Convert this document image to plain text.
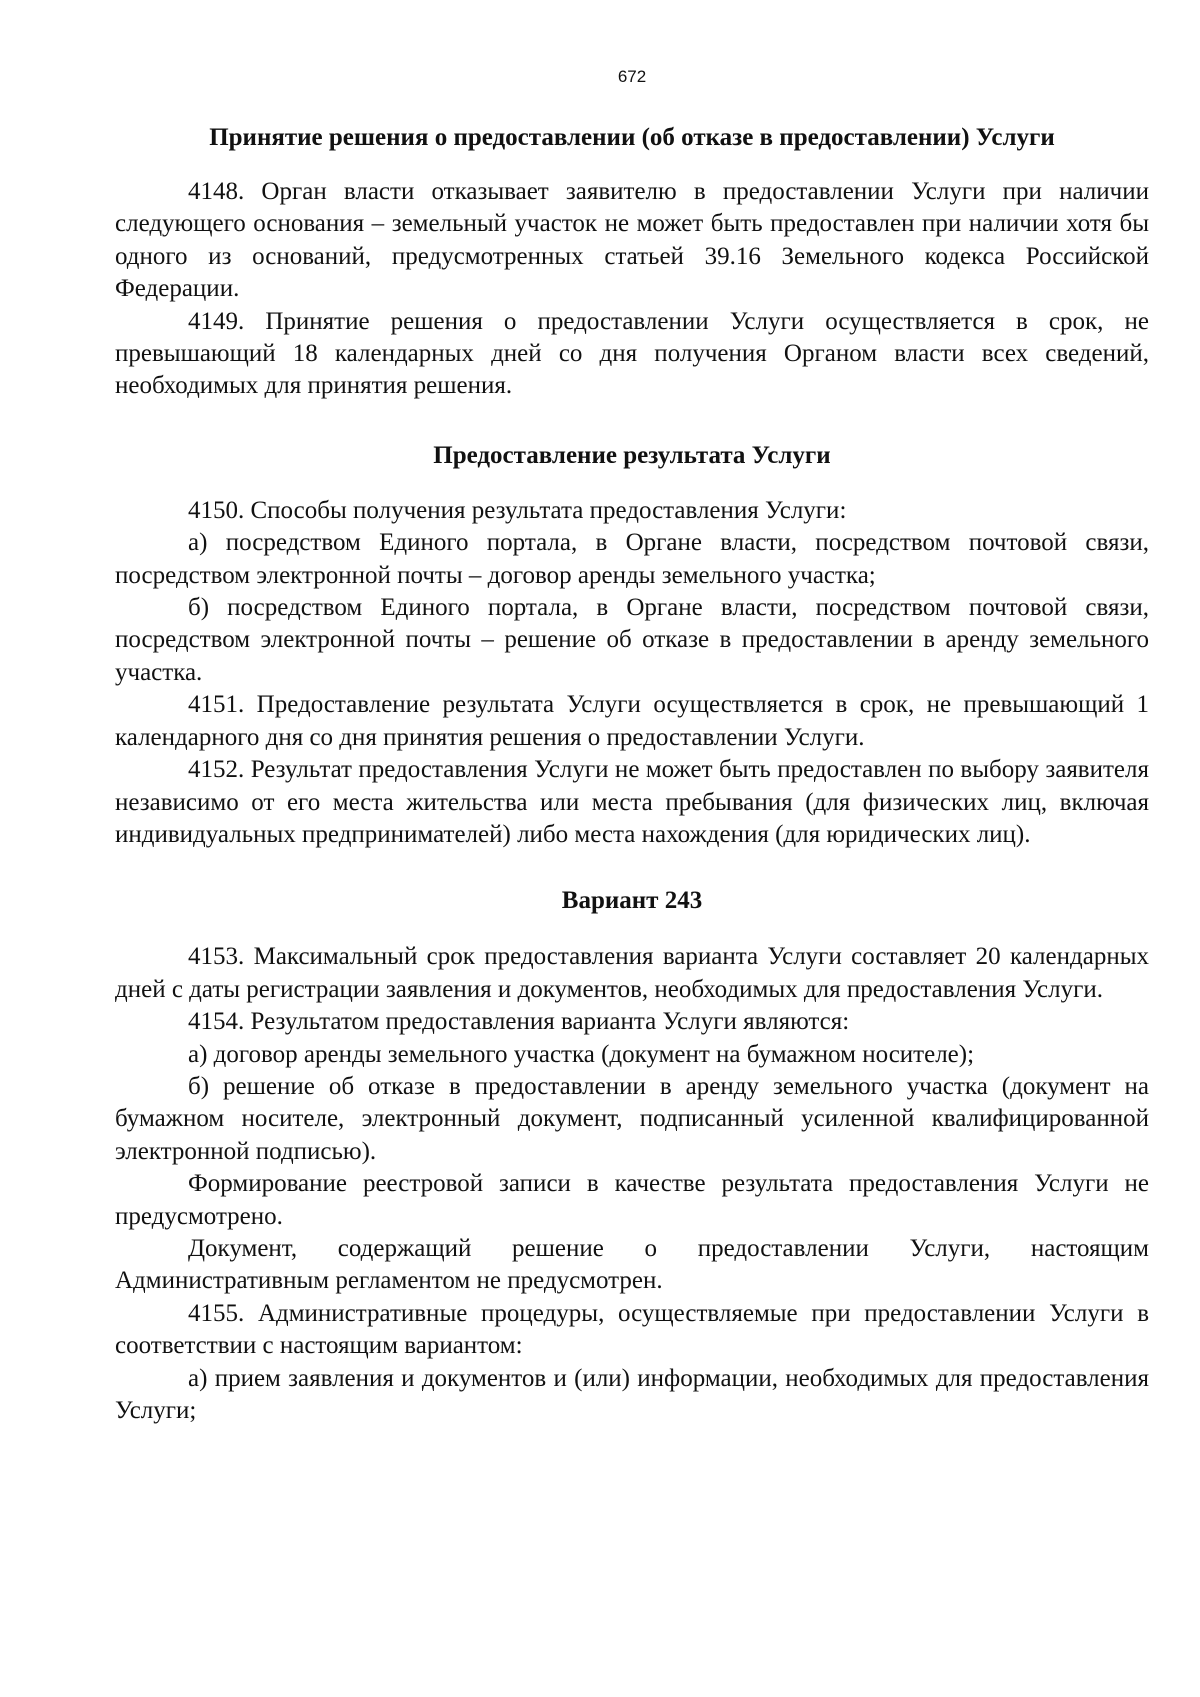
672
Принятие решения о предоставлении (об отказе в предоставлении) Услуги

4148. Орган власти отказывает заявителю в предоставлении Услуги при наличии следующего основания – земельный участок не может быть предоставлен при наличии хотя бы одного из оснований, предусмотренных статьей 39.16 Земельного кодекса Российской Федерации.

4149. Принятие решения о предоставлении Услуги осуществляется в срок, не превышающий 18 календарных дней со дня получения Органом власти всех сведений, необходимых для принятия решения.

Предоставление результата Услуги

4150. Способы получения результата предоставления Услуги:

а) посредством Единого портала, в Органе власти, посредством почтовой связи, посредством электронной почты – договор аренды земельного участка;

б) посредством Единого портала, в Органе власти, посредством почтовой связи, посредством электронной почты – решение об отказе в предоставлении в аренду земельного участка.

4151. Предоставление результата Услуги осуществляется в срок, не превышающий 1 календарного дня со дня принятия решения о предоставлении Услуги.

4152. Результат предоставления Услуги не может быть предоставлен по выбору заявителя независимо от его места жительства или места пребывания (для физических лиц, включая индивидуальных предпринимателей) либо места нахождения (для юридических лиц).

Вариант 243

4153. Максимальный срок предоставления варианта Услуги составляет 20 календарных дней с даты регистрации заявления и документов, необходимых для предоставления Услуги.

4154. Результатом предоставления варианта Услуги являются:

а) договор аренды земельного участка (документ на бумажном носителе);

б) решение об отказе в предоставлении в аренду земельного участка (документ на бумажном носителе, электронный документ, подписанный усиленной квалифицированной электронной подписью).

Формирование реестровой записи в качестве результата предоставления Услуги не предусмотрено.

Документ, содержащий решение о предоставлении Услуги, настоящим Административным регламентом не предусмотрен.

4155. Административные процедуры, осуществляемые при предоставлении Услуги в соответствии с настоящим вариантом:

а) прием заявления и документов и (или) информации, необходимых для предоставления Услуги;
